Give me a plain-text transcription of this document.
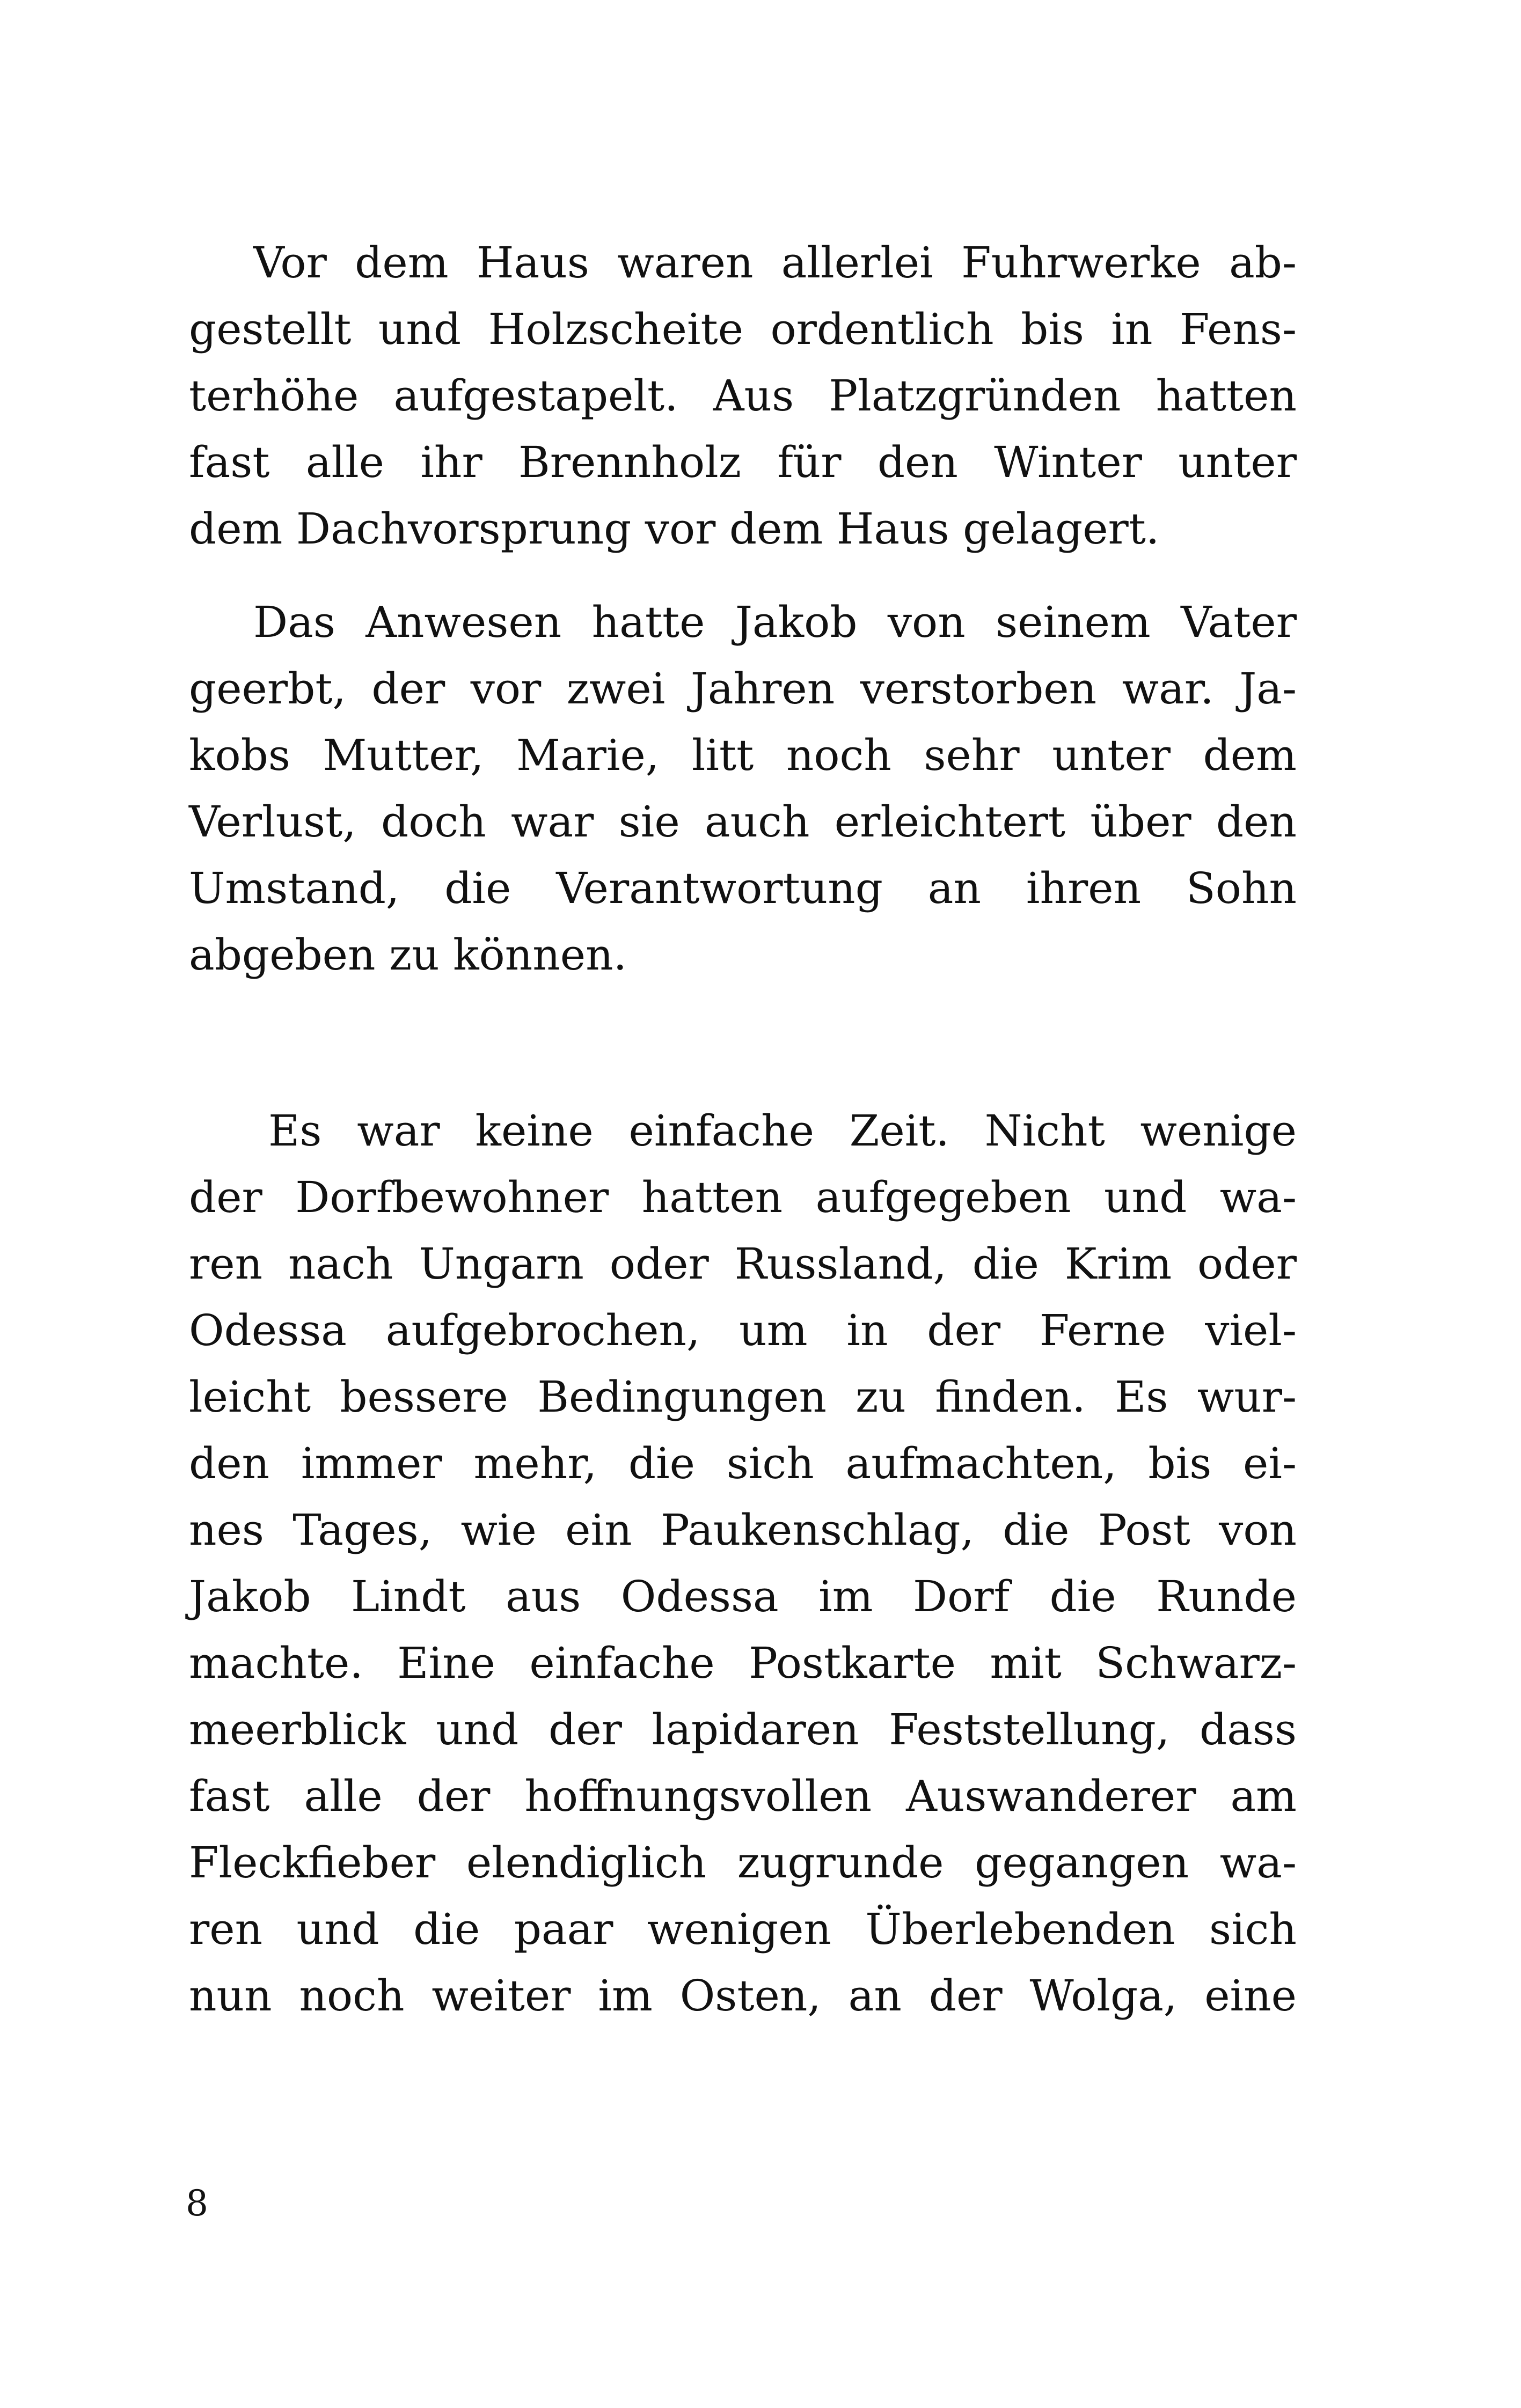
Vor dem Haus waren allerlei Fuhrwerke ab-
gestellt und Holzscheite ordentlich bis in Fens-
terhöhe aufgestapelt. Aus Platzgründen hatten
fast alle ihr Brennholz für den Winter unter
dem Dachvorsprung vor dem Haus gelagert.
Das Anwesen hatte Jakob von seinem Vater
geerbt, der vor zwei Jahren verstorben war. Ja-
kobs Mutter, Marie, litt noch sehr unter dem
Verlust, doch war sie auch erleichtert über den
Umstand, die Verantwortung an ihren Sohn
abgeben zu können.
Es war keine einfache Zeit. Nicht wenige
der Dorfbewohner hatten aufgegeben und wa-
ren nach Ungarn oder Russland, die Krim oder
Odessa aufgebrochen, um in der Ferne viel-
leicht bessere Bedingungen zu finden. Es wur-
den immer mehr, die sich aufmachten, bis ei-
nes Tages, wie ein Paukenschlag, die Post von
Jakob Lindt aus Odessa im Dorf die Runde
machte. Eine einfache Postkarte mit Schwarz-
meerblick und der lapidaren Feststellung, dass
fast alle der hoffnungsvollen Auswanderer am
Fleckfieber elendiglich zugrunde gegangen wa-
ren und die paar wenigen Überlebenden sich
nun noch weiter im Osten, an der Wolga, eine
8
